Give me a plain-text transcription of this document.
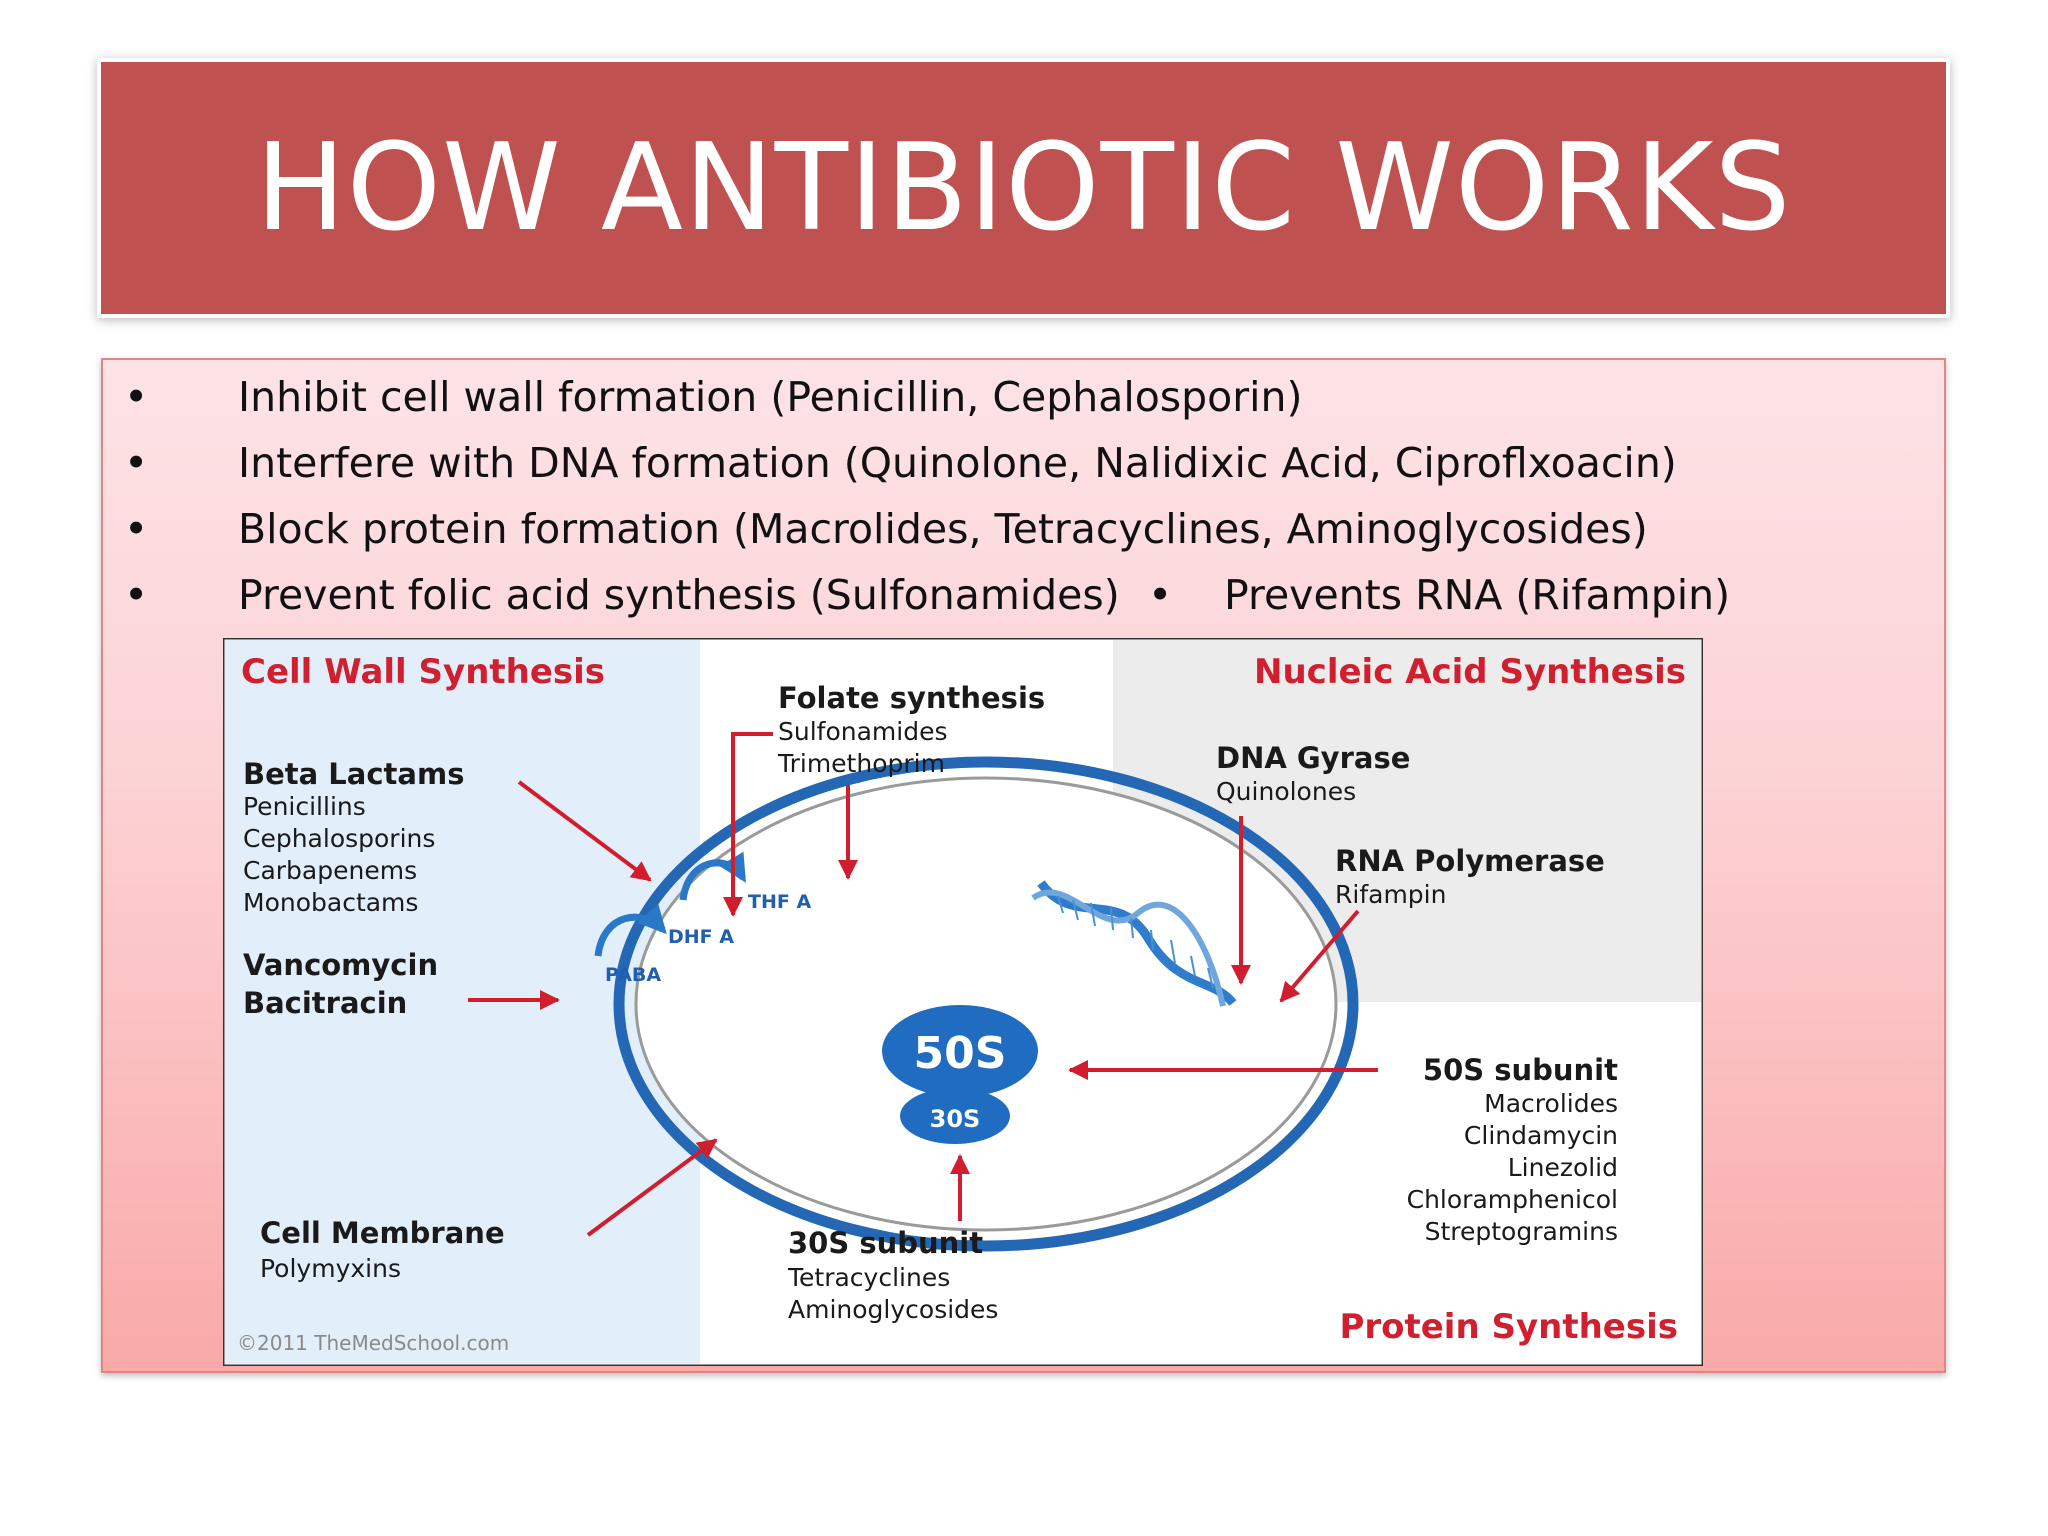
HOW ANTIBIOTIC WORKS
• Inhibit cell wall formation (Penicillin, Cephalosporin)
• Interfere with DNA formation (Quinolone, Nalidixic Acid, Ciproflxoacin)
• Block protein formation (Macrolides, Tetracyclines, Aminoglycosides)
• Prevent folic acid synthesis (Sulfonamides) • Prevents RNA (Rifampin)
50S
30S
PABA
DHF A
THF A
Cell Wall Synthesis	Nucleic Acid Synthesis
Protein Synthesis
Beta Lactams
Penicillins
Cephalosporins
Carbapenems
Monobactams
Vancomycin
Bacitracin
Cell Membrane
Polymyxins
Folate synthesis
Sulfonamides
Trimethoprim	DNA Gyrase
Quinolones
RNA Polymerase
Rifampin
50S subunit
Macrolides
Clindamycin
Linezolid
Chloramphenicol
Streptogramins
30S subunit
Tetracyclines
Aminoglycosides
©2011 TheMedSchool.com
